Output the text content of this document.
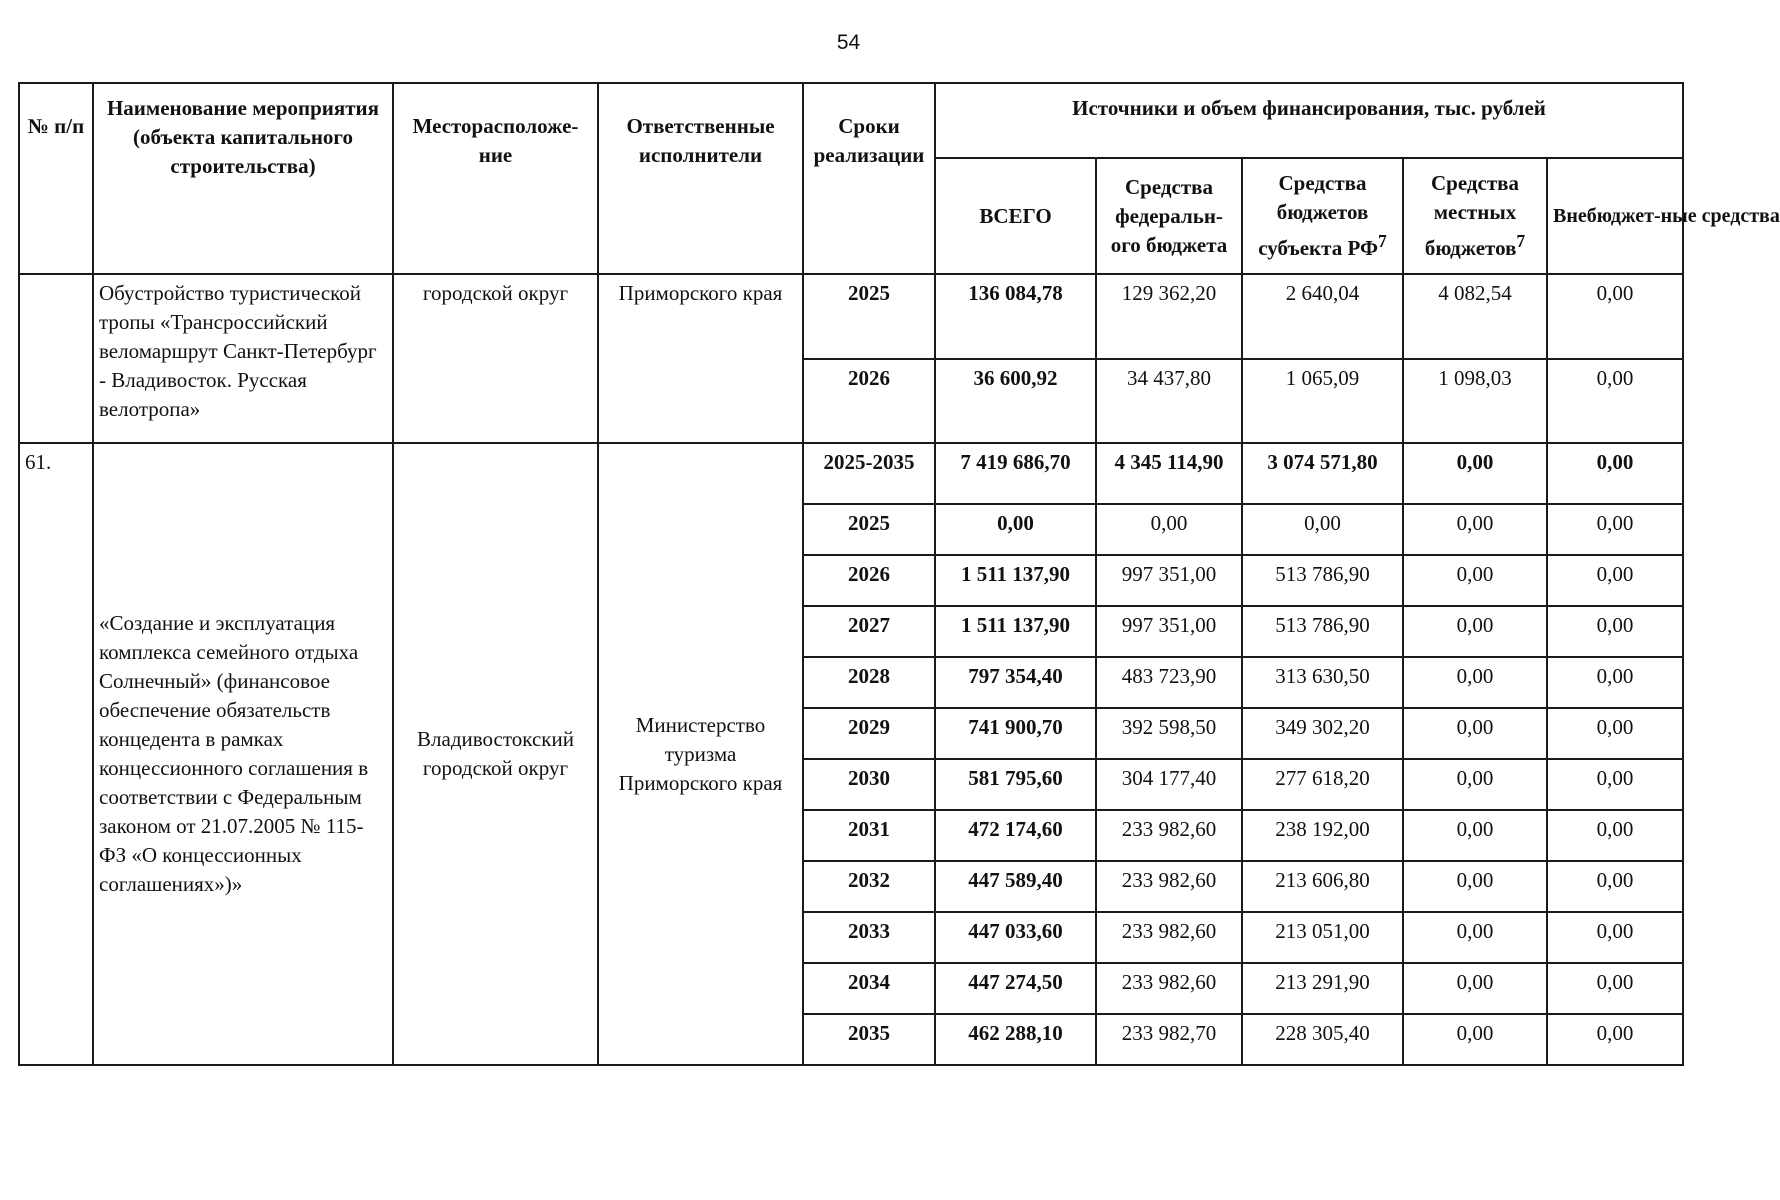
54
№ п/п	Наименование мероприятия (объекта капитального строительства)	Месторасположе-ние	Ответственные исполнители	Сроки реализации	Источники и объем финансирования, тыс. рублей				
					ВСЕГО	Средства федеральн-ого бюджета	Средства бюджетов субъекта $РФ^7$	Средства местных бюджетов$^7$	Внебюджет-ные средства
	Обустройство туристической тропы «Трансроссийский веломаршрут Санкт-Петербург - Владивосток. Русская велотропа»	городской округ	Приморского края	2025	136 084,78	129 362,20	2 640,04	4 082,54	0,00
				2026	36 600,92	34 437,80	1 065,09	1 098,03	0,00
61.	«Создание и эксплуатация комплекса семейного отдыха Солнечный» (финансовое обеспечение обязательств концедента в рамках концессионного соглашения в соответствии с Федеральным законом от 21.07.2005 № 115-ФЗ «О концессионных соглашениях»)»	Владивостокский городской округ	Министерство туризма Приморского края	2025-2035	7 419 686,70	4 345 114,90	3 074 571,80	0,00	0,00
				2025	0,00	0,00	0,00	0,00	0,00
				2026	1 511 137,90	997 351,00	513 786,90	0,00	0,00
				2027	1 511 137,90	997 351,00	513 786,90	0,00	0,00
				2028	797 354,40	483 723,90	313 630,50	0,00	0,00
				2029	741 900,70	392 598,50	349 302,20	0,00	0,00
				2030	581 795,60	304 177,40	277 618,20	0,00	0,00
				2031	472 174,60	233 982,60	238 192,00	0,00	0,00
				2032	447 589,40	233 982,60	213 606,80	0,00	0,00
				2033	447 033,60	233 982,60	213 051,00	0,00	0,00
				2034	447 274,50	233 982,60	213 291,90	0,00	0,00
				2035	462 288,10	233 982,70	228 305,40	0,00	0,00
